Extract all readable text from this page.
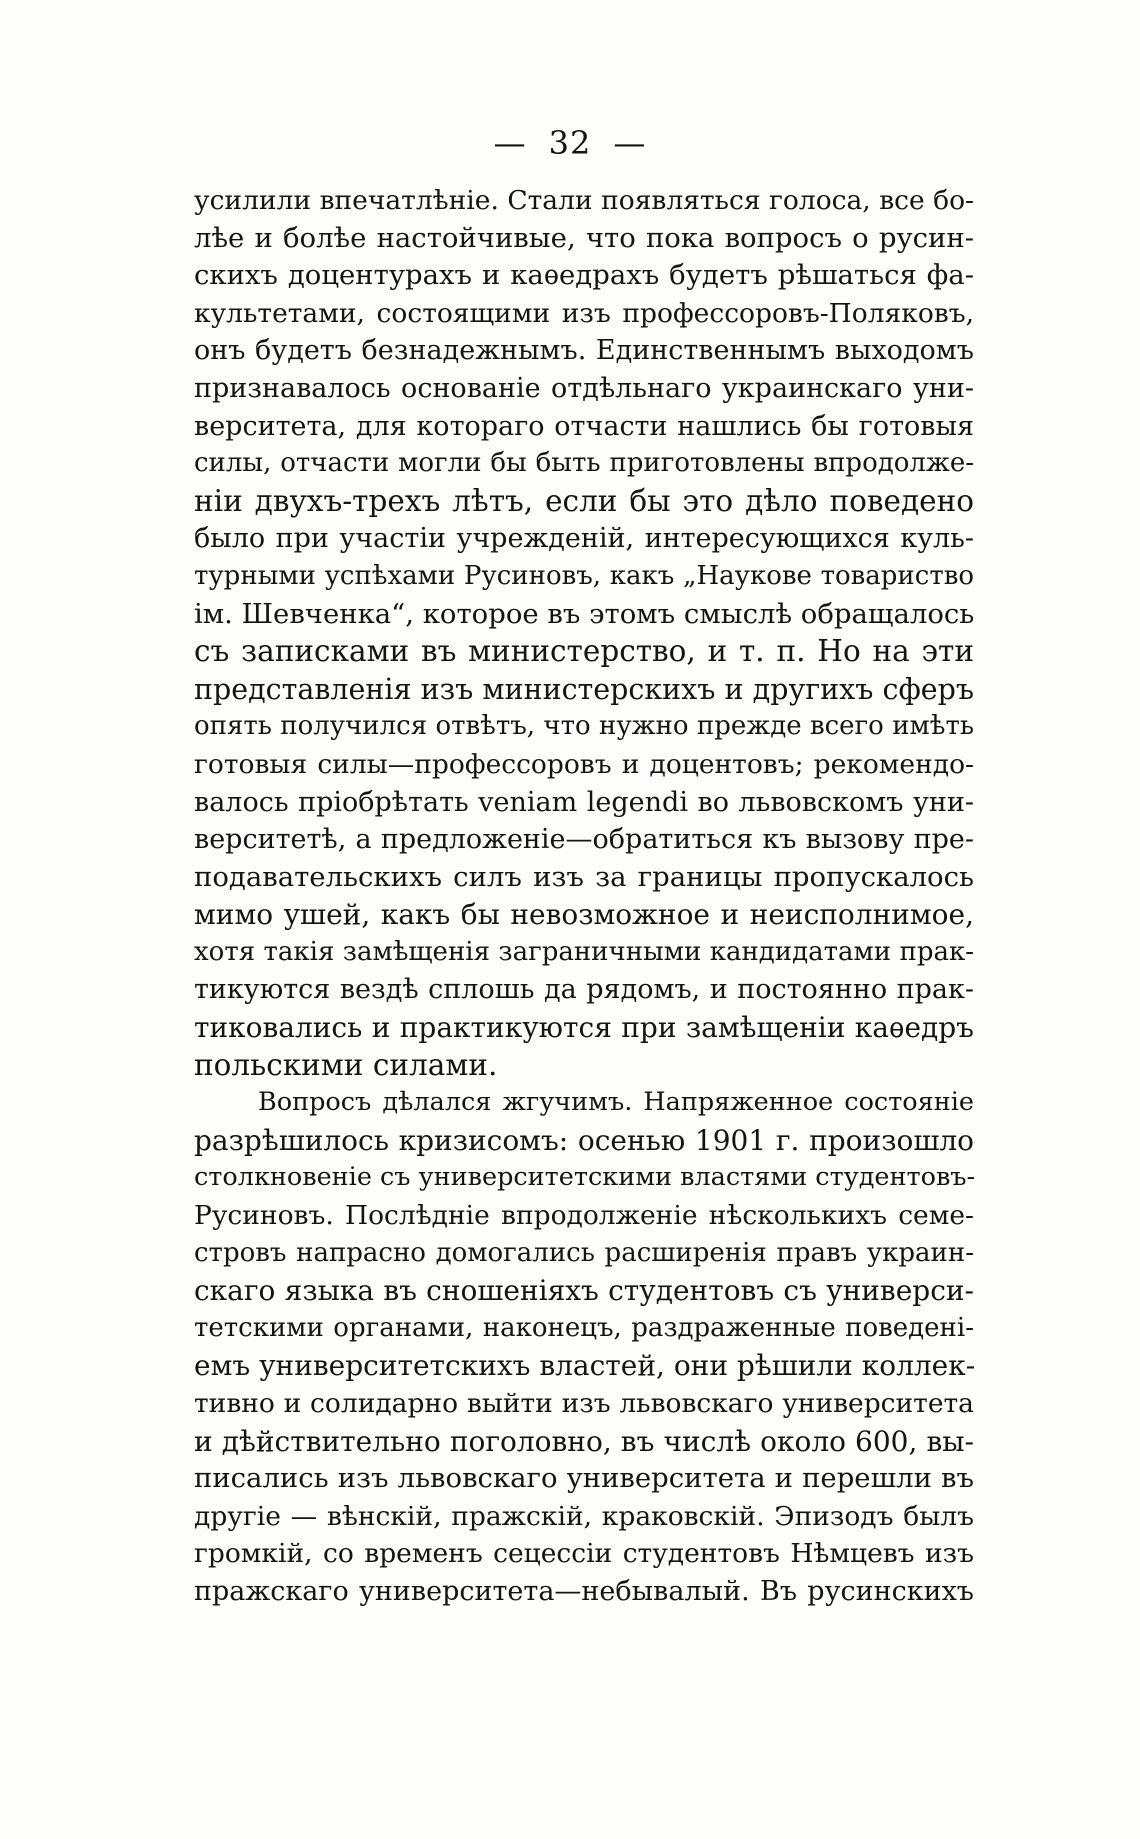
— 32 —
усилили впечатлѣніе. Стали появляться голоса, все бо-
лѣе и болѣе настойчивые, что пока вопросъ о русин-
скихъ доцентурахъ и каѳедрахъ будетъ рѣшаться фа-
культетами, состоящими изъ профессоровъ-Поляковъ,
онъ будетъ безнадежнымъ. Единственнымъ выходомъ
признавалось основаніе отдѣльнаго украинскаго уни-
верситета, для котораго отчасти нашлись бы готовыя
силы, отчасти могли бы быть приготовлены впродолже-
ніи двухъ-трехъ лѣтъ, если бы это дѣло поведено
было при участіи учрежденій, интересующихся куль-
турными успѣхами Русиновъ, какъ „Наукове товариство
ім. Шевченка“, которое въ этомъ смыслѣ обращалось
съ записками въ министерство, и т. п. Но на эти
представленія изъ министерскихъ и другихъ сферъ
опять получился отвѣтъ, что нужно прежде всего имѣть
готовыя силы—профессоровъ и доцентовъ; рекомендо-
валось пріобрѣтать veniam legendi во львовскомъ уни-
верситетѣ, а предложеніе—обратиться къ вызову пре-
подавательскихъ силъ изъ за границы пропускалось
мимо ушей, какъ бы невозможное и неисполнимое,
хотя такія замѣщенія заграничными кандидатами прак-
тикуются вездѣ сплошь да рядомъ, и постоянно прак-
тиковались и практикуются при замѣщеніи каѳедръ
польскими силами.
Вопросъ дѣлался жгучимъ. Напряженное состояніе
разрѣшилось кризисомъ: осенью 1901 г. произошло
столкновеніе съ университетскими властями студентовъ-
Русиновъ. Послѣдніе впродолженіе нѣсколькихъ семе-
стровъ напрасно домогались расширенія правъ украин-
скаго языка въ сношеніяхъ студентовъ съ универси-
тетскими органами, наконецъ, раздраженные поведені-
емъ университетскихъ властей, они рѣшили коллек-
тивно и солидарно выйти изъ львовскаго университета
и дѣйствительно поголовно, въ числѣ около 600, вы-
писались изъ львовскаго университета и перешли въ
другіе — вѣнскій, пражскій, краковскій. Эпизодъ былъ
громкій, со временъ сецессіи студентовъ Нѣмцевъ изъ
пражскаго университета—небывалый. Въ русинскихъ
